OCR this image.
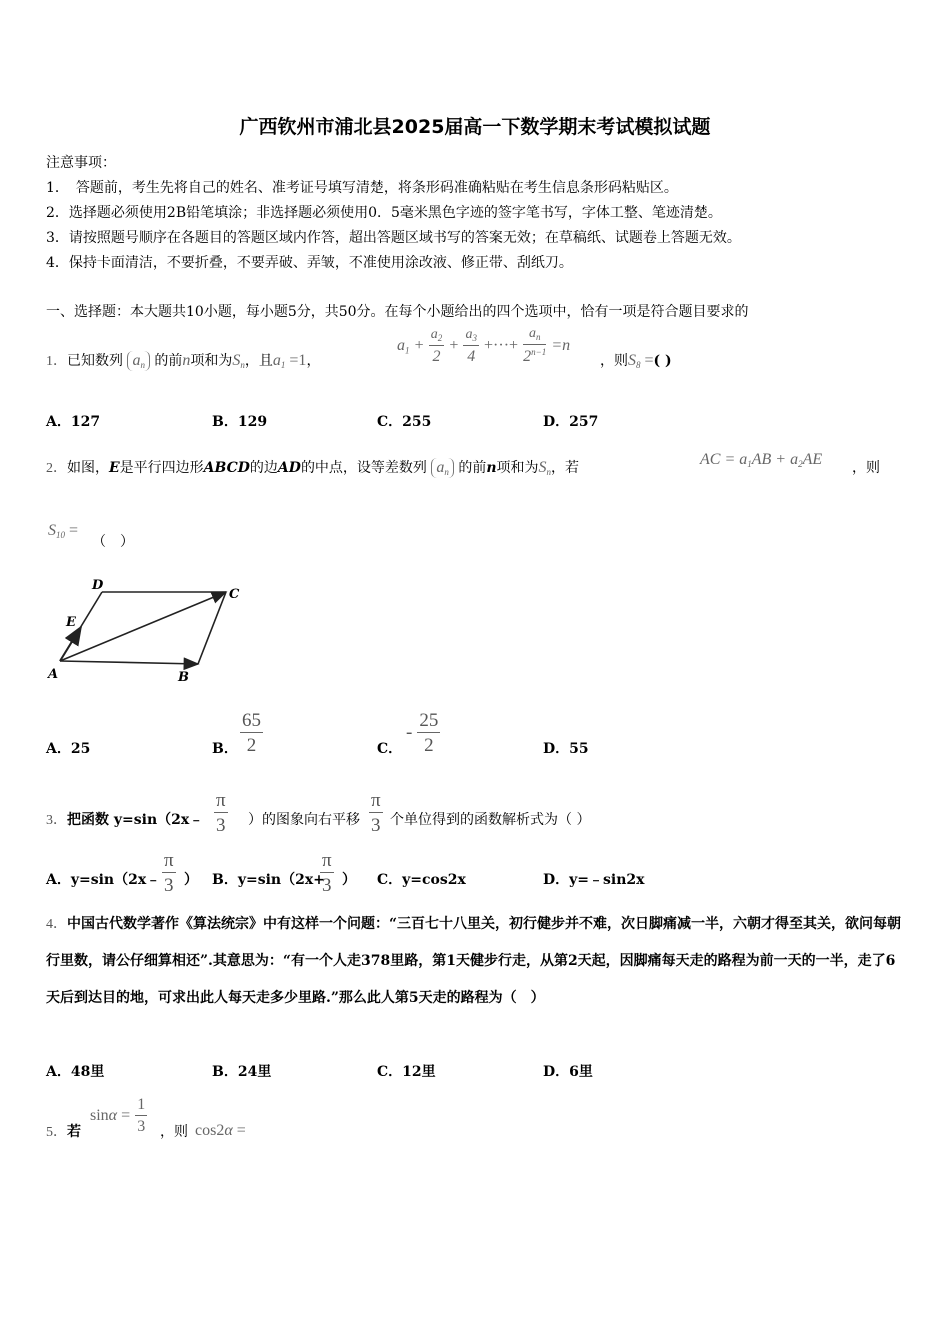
广西钦州市浦北县2025届高一下数学期末考试模拟试题
注意事项：
1．　答题前，考生先将自己的姓名、准考证号填写清楚，将条形码准确粘贴在考生信息条形码粘贴区。
2．选择题必须使用2B铅笔填涂；非选择题必须使用0．5毫米黑色字迹的签字笔书写，字体工整、笔迹清楚。
3．请按照题号顺序在各题目的答题区域内作答，超出答题区域书写的答案无效；在草稿纸、试题卷上答题无效。
4．保持卡面清洁，不要折叠，不要弄破、弄皱，不准使用涂改液、修正带、刮纸刀。
一、选择题：本大题共10小题，每小题5分，共50分。在每个小题给出的四个选项中，恰有一项是符合题目要求的
1．已知数列 $a_n$ 的前n项和为$S_n$，且$a_1 =1$，
$a_1 + \frac{a_2}{2} + \frac{a_3}{4}$ +···+ $\frac{a_n}{2^{n-1}} =n$
，则$S_8$ =( )
A．127	B．129	C．255	D．257
2．如图，E是平行四边形ABCD的边AD的中点，设等差数列 $a_n$ 的前n项和为$S_n$，若	AC = $a_1AB + a_2AE$ ，则
$S_{10}$ =
（　）
A	B
C
D
E
A．25	B． $\frac{65}{2}$	C．
- $\frac{25}{2}$	D．55
3．把函数 y=sin（2x﹣ $\frac{\pi}{3}$ ）的图象向右平移 $\frac{\pi}{3}$ 个单位得到的函数解析式为（ ）
A．y=sin（2x﹣ $\frac{\pi}{3}$ ） B．y=sin（2x+
$\frac{\pi}{3}$ ） C．y=cos2x	D．y=﹣sin2x
4．中国古代数学著作《算法统宗》中有这样一个问题：“三百七十八里关，初行健步并不难，次日脚痛减一半，六朝才得至其关，欲问每朝行里数，请公仔细算相还”.其意思为：“有一个人走378里路，第1天健步行走，从第2天起，因脚痛每天走的路程为前一天的一半，走了6天后到达目的地，可求出此人每天走多少里路.”那么此人第5天走的路程为（　）
A．48里	B．24里	C．12里	D．6里
5．若
$\sin\alpha = \frac{1}{3}$ ，则 cos2α =
